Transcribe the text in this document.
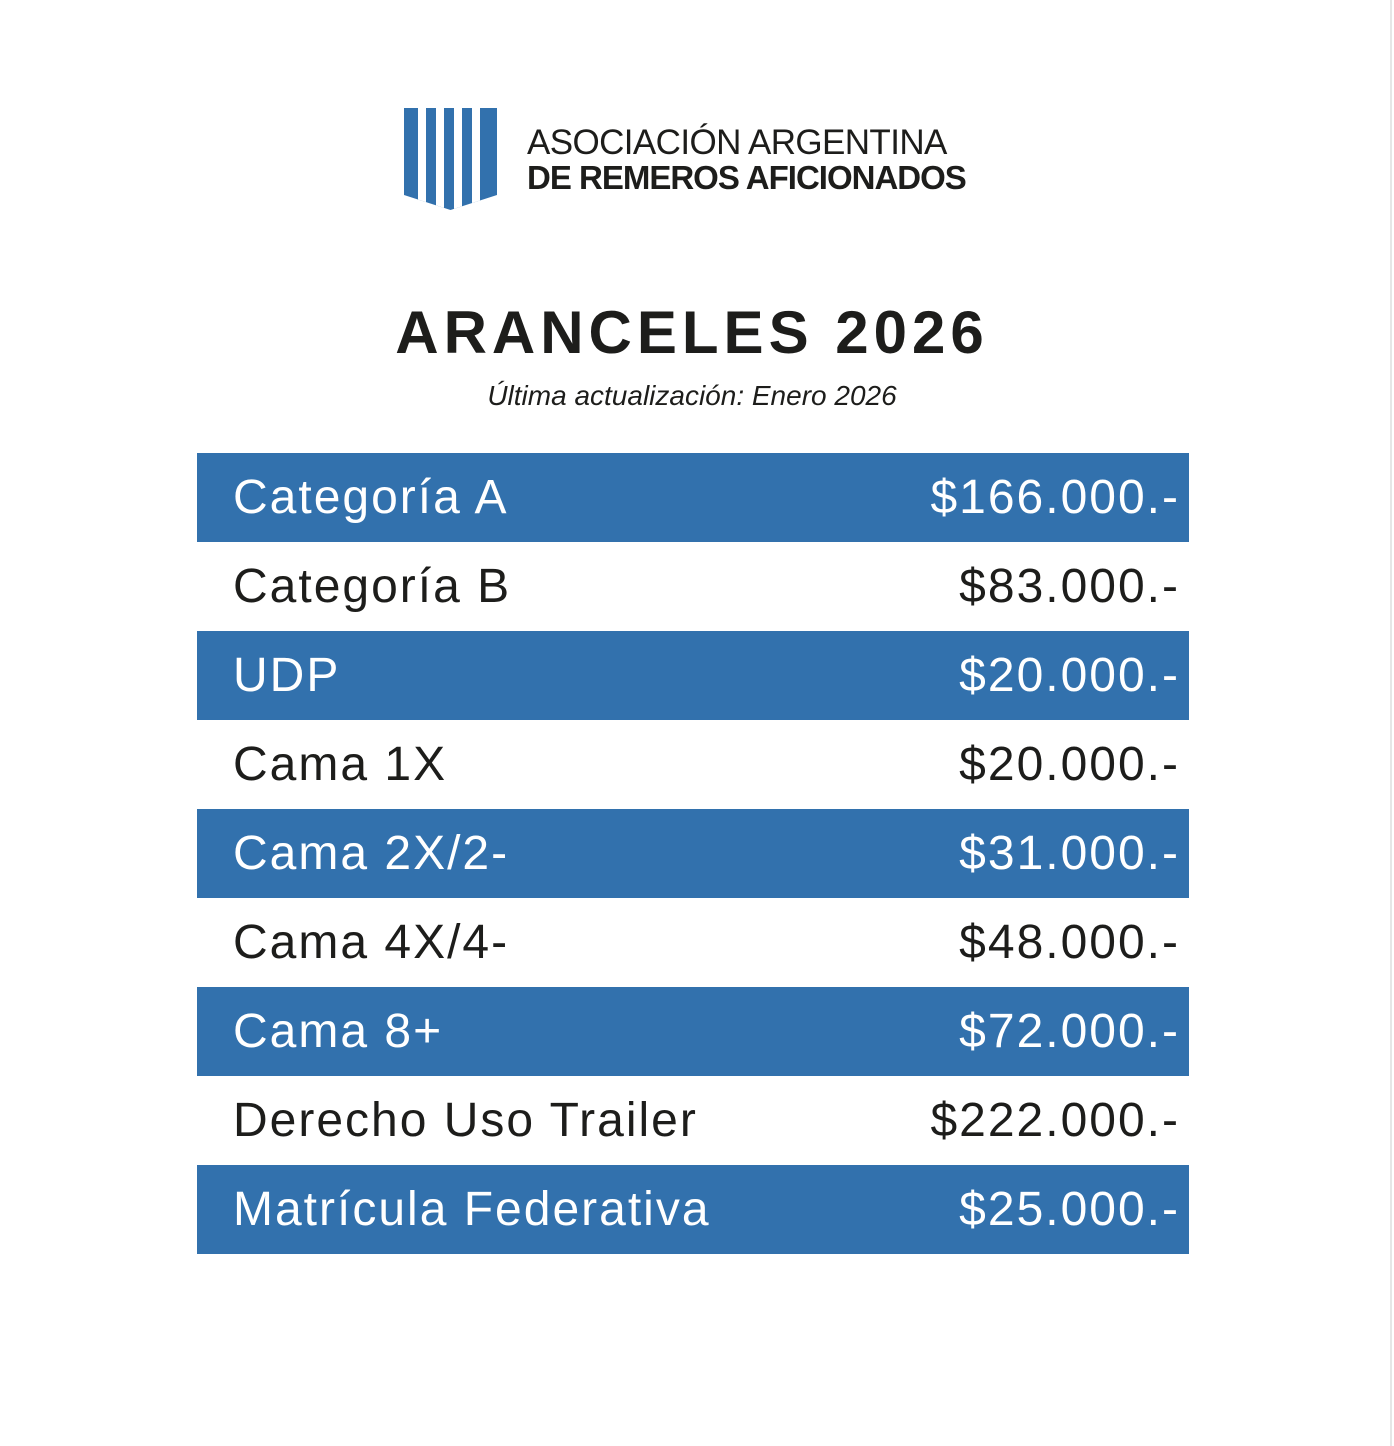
ASOCIACIÓN ARGENTINA
DE REMEROS AFICIONADOS
ARANCELES 2026
Última actualización: Enero 2026
Categoría A	$166.000.-
Categoría B	$83.000.-
UDP	$20.000.-
Cama 1X	$20.000.-
Cama 2X/2-	$31.000.-
Cama 4X/4-	$48.000.-
Cama 8+	$72.000.-
Derecho Uso Trailer	$222.000.-
Matrícula Federativa	$25.000.-
